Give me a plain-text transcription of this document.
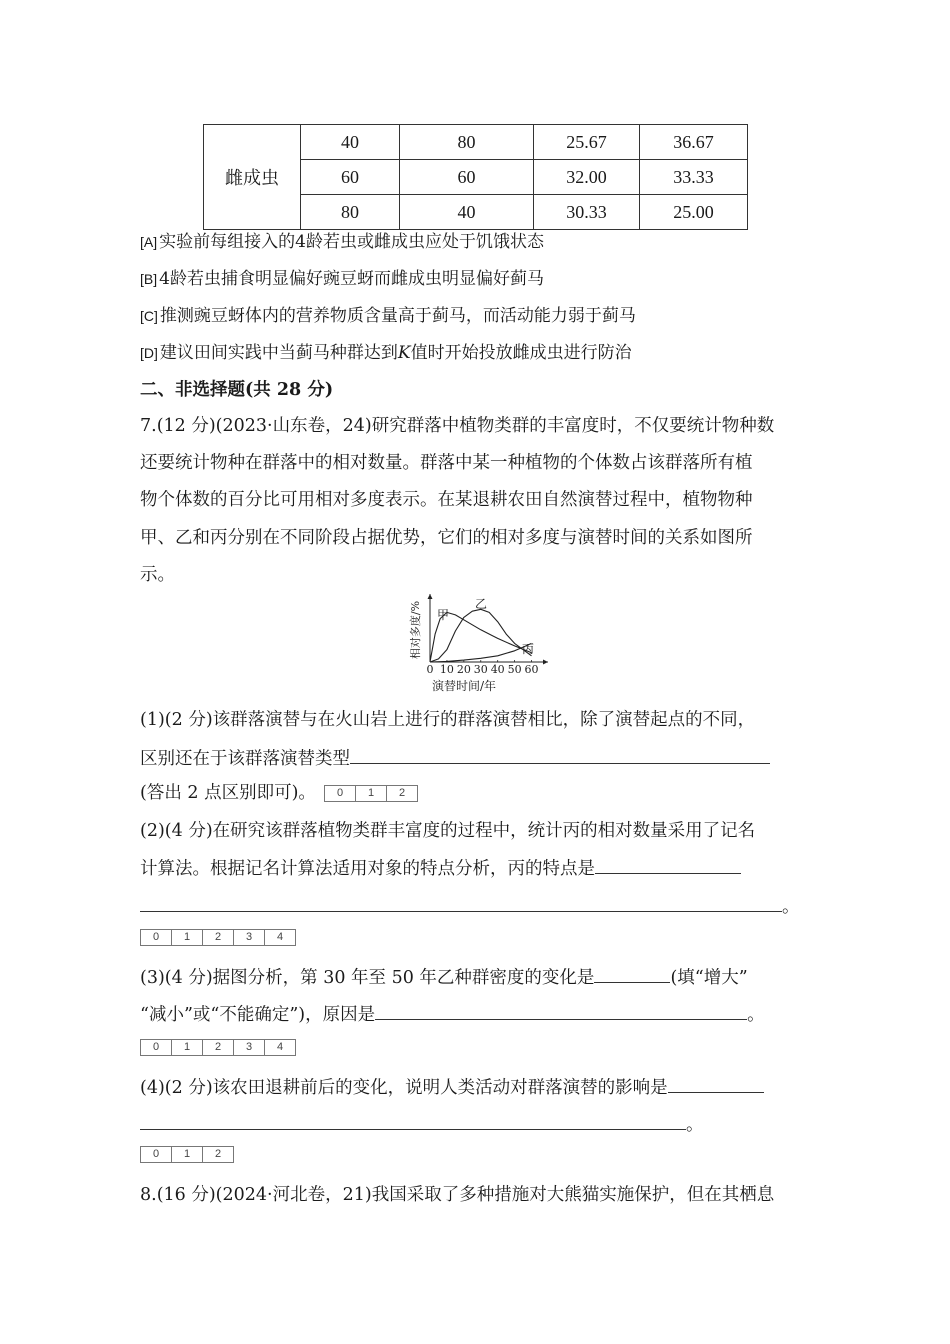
雌成虫	40	80	25.67	36.67
	60	60	32.00	33.33
	80	40	30.33	25.00
[A] 实验前每组接入的4龄若虫或雌成虫应处于饥饿状态
[B] 4龄若虫捕食明显偏好豌豆蚜而雌成虫明显偏好蓟马
[C] 推测豌豆蚜体内的营养物质含量高于蓟马，而活动能力弱于蓟马
[D] 建议田间实践中当蓟马种群达到K值时开始投放雌成虫进行防治
二、非选择题(共 28 分)
7.(12 分)(2023·山东卷，24)研究群落中植物类群的丰富度时，不仅要统计物种数
还要统计物种在群落中的相对数量。群落中某一种植物的个体数占该群落所有植
物个体数的百分比可用相对多度表示。在某退耕农田自然演替过程中，植物物种
甲、乙和丙分别在不同阶段占据优势，它们的相对多度与演替时间的关系如图所
示。
0 10 20 30 40 50 60
甲
乙
丙
演替时间/年
相对多度/%
(1)(2 分)该群落演替与在火山岩上进行的群落演替相比，除了演替起点的不同，
区别还在于该群落演替类型
(答出 2 点区别即可)。	0	1	2
(2)(4 分)在研究该群落植物类群丰富度的过程中，统计丙的相对数量采用了记名
计算法。根据记名计算法适用对象的特点分析，丙的特点是
。
0	1	2	3	4
(3)(4 分)据图分析，第 30 年至 50 年乙种群密度的变化是	(填“增大”
“减小”或“不能确定”)，原因是	。
0	1	2	3	4
(4)(2 分)该农田退耕前后的变化，说明人类活动对群落演替的影响是
。
0	1	2
8.(16 分)(2024·河北卷，21)我国采取了多种措施对大熊猫实施保护，但在其栖息
